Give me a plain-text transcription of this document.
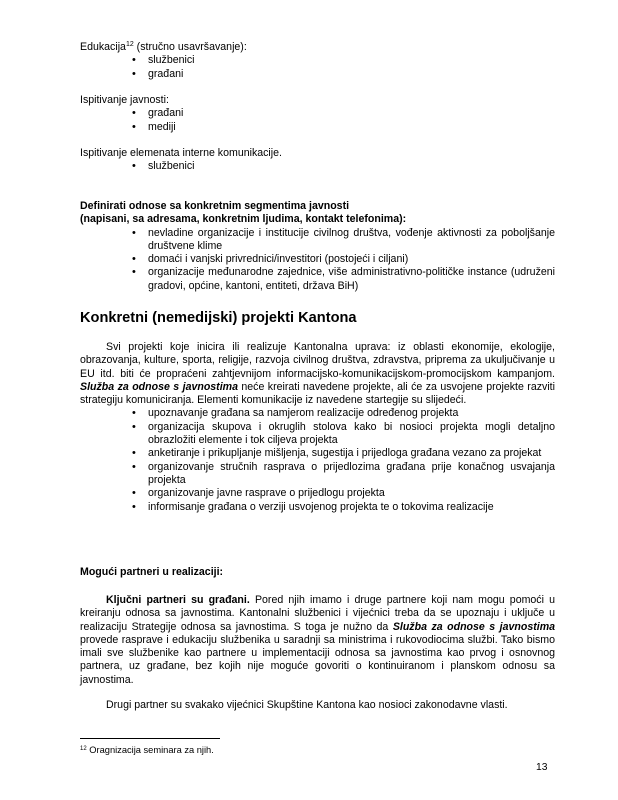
Edukacija$^{12}$ (stručno usavršavanje):
• službenici
• građani
Ispitivanje javnosti:
• građani
• mediji
Ispitivanje elemenata interne komunikacije.
• službenici
Definirati odnose sa konkretnim segmentima javnosti
(napisani, sa adresama, konkretnim ljudima, kontakt telefonima):
• nevladine organizacije i institucije civilnog društva, vođenje aktivnosti za poboljšanje društvene klime
• domaći i vanjski privrednici/investitori (postojeći i ciljani)
• organizacije međunarodne zajednice, više administrativno-političke instance (udruženi gradovi, općine, kantoni, entiteti, država BiH)
Konkretni (nemedijski) projekti Kantona
Svi projekti koje inicira ili realizuje Kantonalna uprava: iz oblasti ekonomije, ekologije, obrazovanja, kulture, sporta, religije, razvoja civilnog društva, zdravstva, priprema za ukulјučivanje u EU itd. biti će propraćeni zahtjevnijom informacijsko-komunikacijskom-promocijskom kampanjom. Služba za odnose s javnostima neće kreirati navedene projekte, ali će za usvojene projekte razviti strategiju komuniciranja. Elementi komunikacije iz navedene startegije su slijedeći.
• upoznavanje građana sa namjerom realizacije određenog projekta
• organizacija skupova i okruglih stolova kako bi nosioci projekta mogli detaljno obrazložiti elemente i tok cilјeva projekta
• anketiranje i prikuplјanje mišlјenja, sugestija i prijedloga građana vezano za projekat
• organizovanje stručnih rasprava o prijedlozima građana prije konačnog usvajanja projekta
• organizovanje javne rasprave o prijedlogu projekta
• informisanje građana o verziji usvojenog projekta te o tokovima realizacije
Mogući partneri u realizaciji:
Ključni partneri su građani. Pored njih imamo i druge partnere koji nam mogu pomoći u kreiranju odnosa sa javnostima. Kantonalni službenici i vijećnici treba da se upoznaju i uklјuče u realizaciju Strategije odnosa sa javnostima. S toga je nužno da Služba za odnose s javnostima provede rasprave i edukaciju službenika u saradnji sa ministrima i rukovodiocima službi. Tako bismo imali sve službenike kao partnere u implementaciji odnosa sa javnostima kao prvog i osnovnog partnera, uz građane, bez kojih nije moguće govoriti o kontinuiranom i planskom odnosu sa javnostima.
Drugi partner su svakako vijećnici Skupštine Kantona kao nosioci zakonodavne vlasti.
$^{12}$ Oragnizacija seminara za njih.
13
